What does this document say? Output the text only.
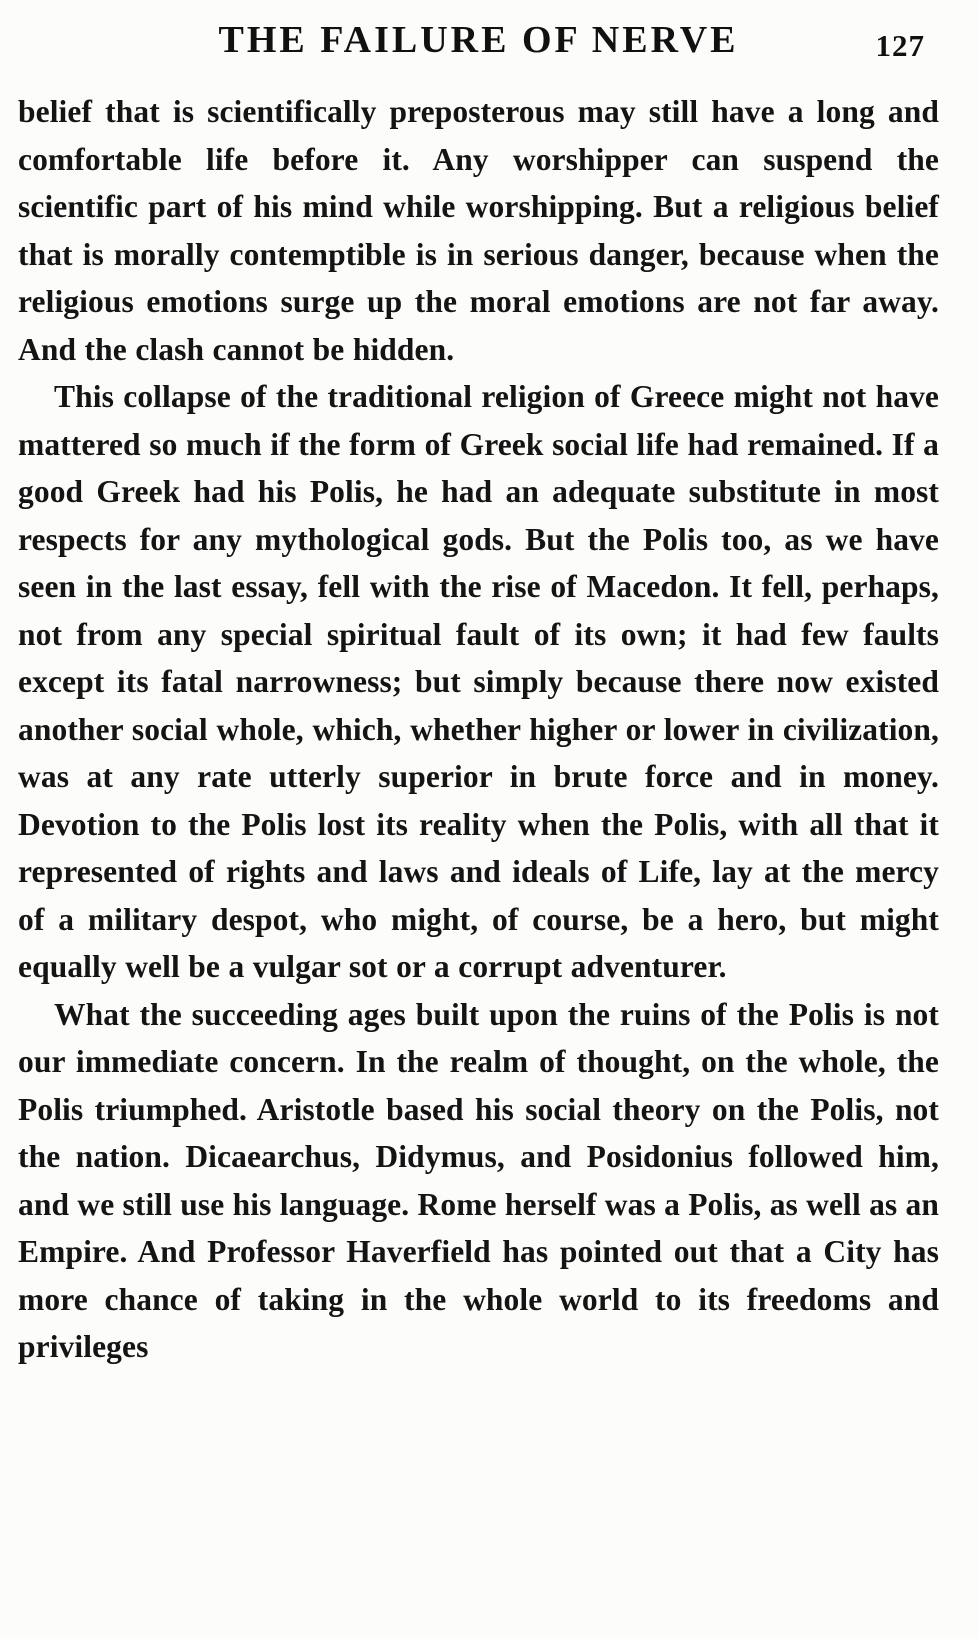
THE FAILURE OF NERVE	127

belief that is scientifically preposterous may still have a long and comfortable life before it. Any worshipper can suspend the scientific part of his mind while worshipping. But a religious belief that is morally contemptible is in serious danger, because when the religious emotions surge up the moral emotions are not far away. And the clash cannot be hidden.

This collapse of the traditional religion of Greece might not have mattered so much if the form of Greek social life had remained. If a good Greek had his Polis, he had an adequate substitute in most respects for any mythological gods. But the Polis too, as we have seen in the last essay, fell with the rise of Macedon. It fell, perhaps, not from any special spiritual fault of its own; it had few faults except its fatal narrowness; but simply because there now existed another social whole, which, whether higher or lower in civilization, was at any rate utterly superior in brute force and in money. Devotion to the Polis lost its reality when the Polis, with all that it represented of rights and laws and ideals of Life, lay at the mercy of a military despot, who might, of course, be a hero, but might equally well be a vulgar sot or a corrupt adventurer.

What the succeeding ages built upon the ruins of the Polis is not our immediate concern. In the realm of thought, on the whole, the Polis triumphed. Aristotle based his social theory on the Polis, not the nation. Dicaearchus, Didymus, and Posidonius followed him, and we still use his language. Rome herself was a Polis, as well as an Empire. And Professor Haverfield has pointed out that a City has more chance of taking in the whole world to its freedoms and privileges
